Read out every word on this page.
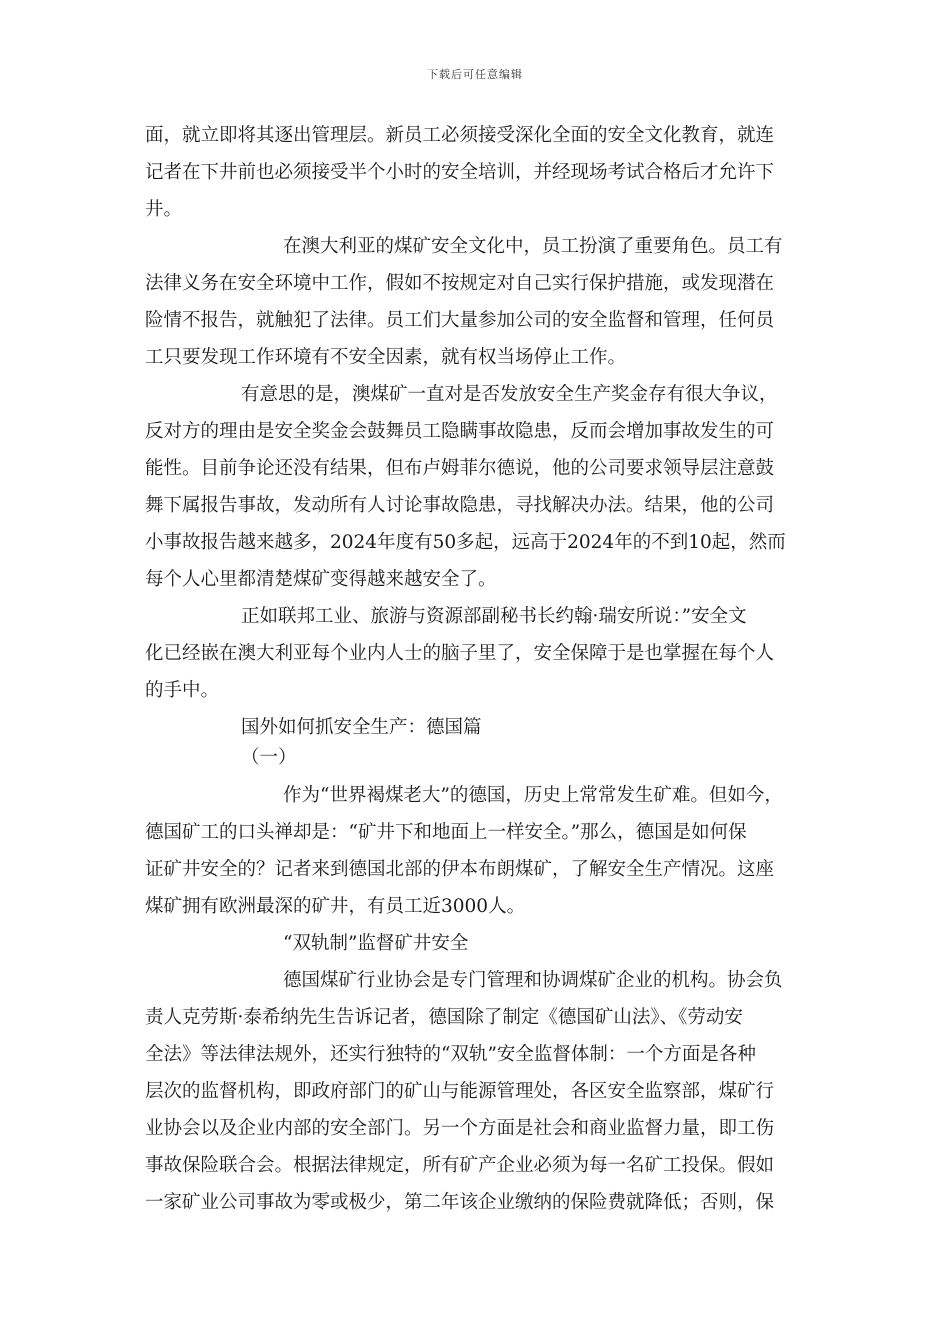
下载后可任意编辑
面，就立即将其逐出管理层。新员工必须接受深化全面的安全文化教育，就连
记者在下井前也必须接受半个小时的安全培训，并经现场考试合格后才允许下
井。
在澳大利亚的煤矿安全文化中，员工扮演了重要角色。员工有
法律义务在安全环境中工作，假如不按规定对自己实行保护措施，或发现潜在
险情不报告，就触犯了法律。员工们大量参加公司的安全监督和管理，任何员
工只要发现工作环境有不安全因素，就有权当场停止工作。
有意思的是，澳煤矿一直对是否发放安全生产奖金存有很大争议，
反对方的理由是安全奖金会鼓舞员工隐瞒事故隐患，反而会增加事故发生的可
能性。目前争论还没有结果，但布卢姆菲尔德说，他的公司要求领导层注意鼓
舞下属报告事故，发动所有人讨论事故隐患，寻找解决办法。结果，他的公司
小事故报告越来越多，2024年度有50多起，远高于2024年的不到10起，然而
每个人心里都清楚煤矿变得越来越安全了。
正如联邦工业、旅游与资源部副秘书长约翰·瑞安所说：”安全文
化已经嵌在澳大利亚每个业内人士的脑子里了，安全保障于是也掌握在每个人
的手中。
国外如何抓安全生产：德国篇
（一）
作为“世界褐煤老大”的德国，历史上常常发生矿难。但如今，
德国矿工的口头禅却是：“矿井下和地面上一样安全。”那么，德国是如何保
证矿井安全的？记者来到德国北部的伊本布朗煤矿，了解安全生产情况。这座
煤矿拥有欧洲最深的矿井，有员工近3000人。
“双轨制”监督矿井安全
德国煤矿行业协会是专门管理和协调煤矿企业的机构。协会负
责人克劳斯·泰希纳先生告诉记者，德国除了制定《德国矿山法》、《劳动安
全法》等法律法规外，还实行独特的“双轨”安全监督体制：一个方面是各种
层次的监督机构，即政府部门的矿山与能源管理处，各区安全监察部，煤矿行
业协会以及企业内部的安全部门。另一个方面是社会和商业监督力量，即工伤
事故保险联合会。根据法律规定，所有矿产企业必须为每一名矿工投保。假如
一家矿业公司事故为零或极少，第二年该企业缴纳的保险费就降低；否则，保
